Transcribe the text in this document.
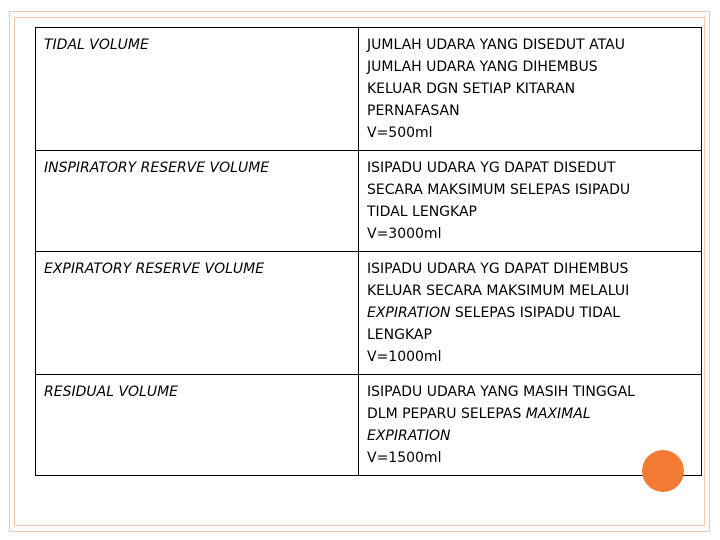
TIDAL VOLUME	JUMLAH UDARA YANG DISEDUT ATAU
JUMLAH UDARA YANG DIHEMBUS
KELUAR DGN SETIAP KITARAN
PERNAFASAN
V=500ml

INSPIRATORY RESERVE VOLUME	ISIPADU UDARA YG DAPAT DISEDUT
SECARA MAKSIMUM SELEPAS ISIPADU
TIDAL LENGKAP
V=3000ml

EXPIRATORY RESERVE VOLUME	ISIPADU UDARA YG DAPAT DIHEMBUS
KELUAR SECARA MAKSIMUM MELALUI
EXPIRATION SELEPAS ISIPADU TIDAL
LENGKAP
V=1000ml

RESIDUAL VOLUME	ISIPADU UDARA YANG MASIH TINGGAL
DLM PEPARU SELEPAS MAXIMAL
EXPIRATION
V=1500ml
